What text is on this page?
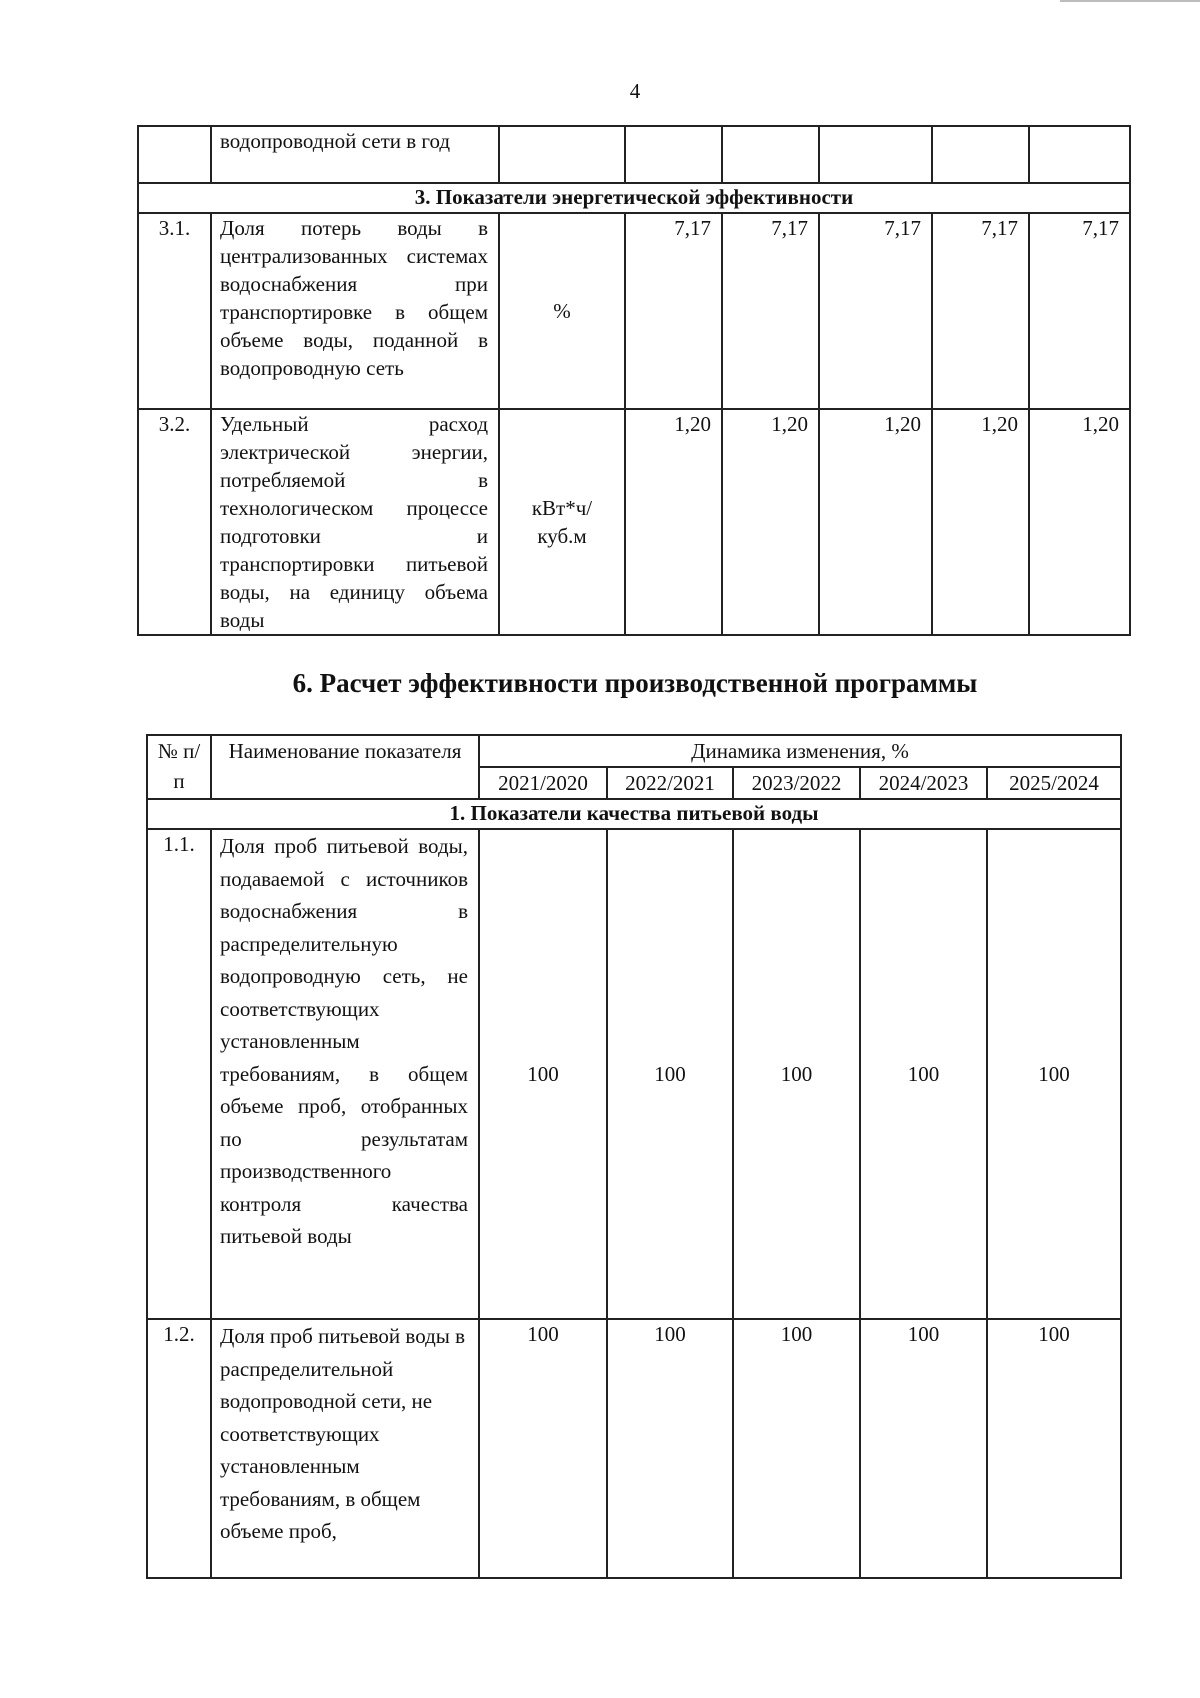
4
	водопроводной сети в год						
3. Показатели энергетической эффективности							
3.1.	Доля потерь воды в централизованных системах водоснабжения при транспортировке в общем объеме воды, поданной в водопроводную сеть	%	7,17	7,17	7,17	7,17	7,17
3.2.	Удельный расход электрической энергии, потребляемой в технологическом процессе подготовки и транспортировки питьевой воды, на единицу объема воды	кВт*ч/ куб.м	1,20	1,20	1,20	1,20	1,20
6. Расчет эффективности производственной программы
№ п/п	Наименование показателя	Динамика изменения, %				
		2021/2020	2022/2021	2023/2022	2024/2023	2025/2024
1. Показатели качества питьевой воды						
1.1.	Доля проб питьевой воды, подаваемой с источников водоснабжения в распределительную водопроводную сеть, не соответствующих установленным требованиям, в общем объеме проб, отобранных по результатам производственного контроля качества питьевой воды	100	100	100	100	100
1.2.	Доля проб питьевой воды в распределительной водопроводной сети, не соответствующих установленным требованиям, в общем объеме проб,	100	100	100	100	100
